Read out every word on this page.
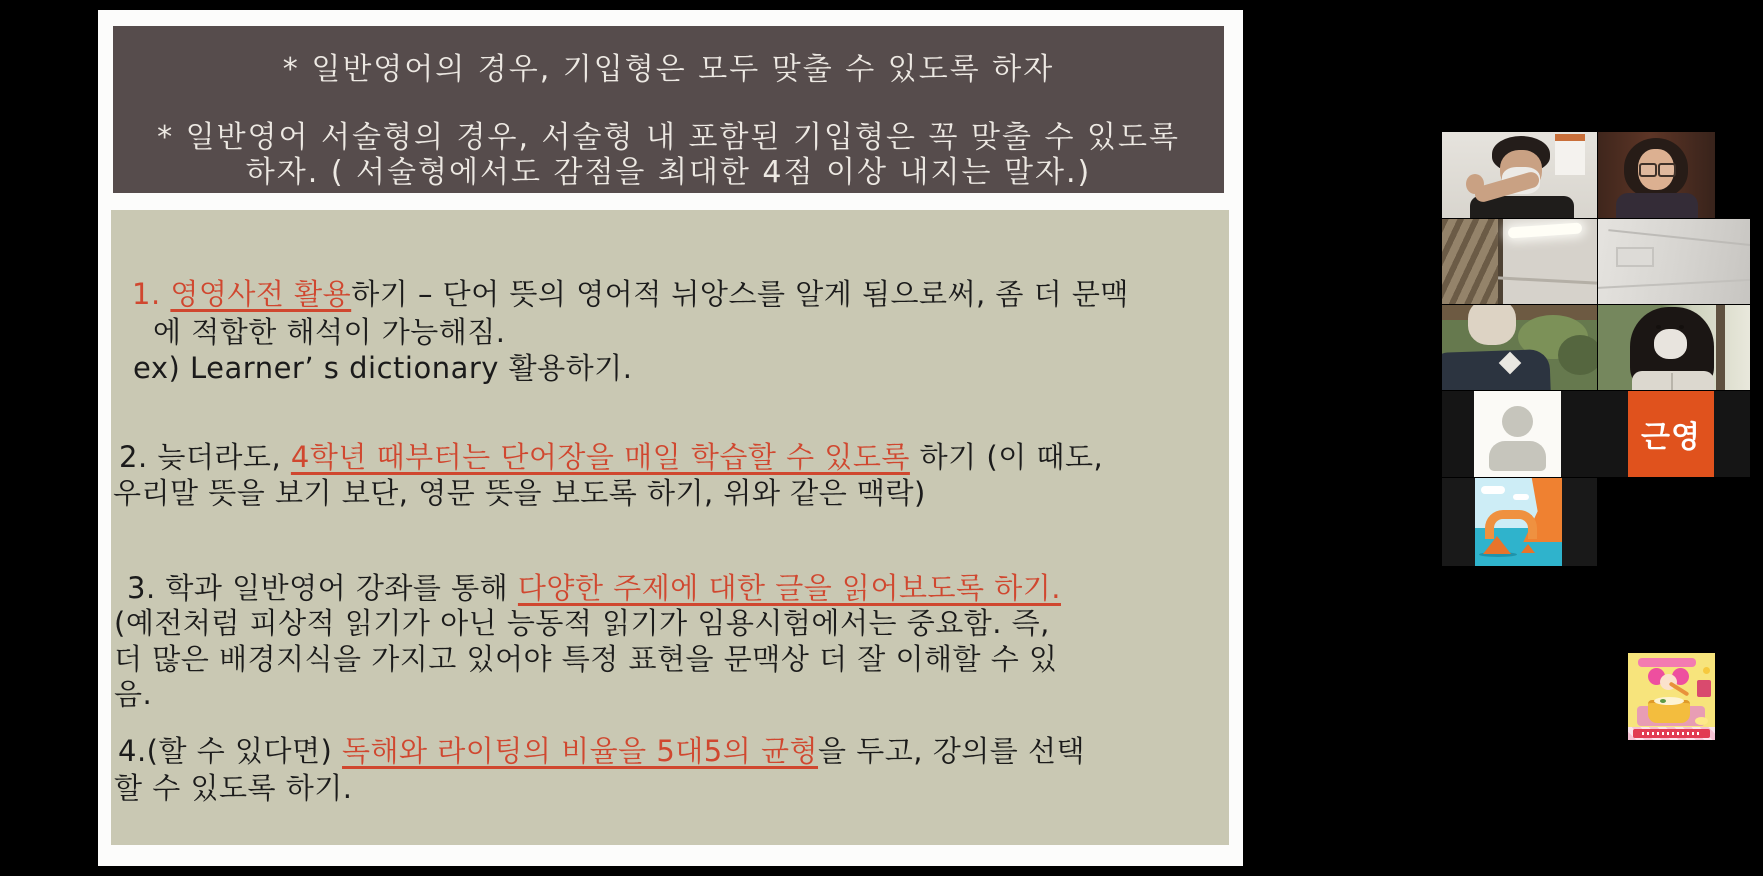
* 일반영어의 경우, 기입형은 모두 맞출 수 있도록 하자
* 일반영어 서술형의 경우, 서술형 내 포함된 기입형은 꼭 맞출 수 있도록
하자. ( 서술형에서도 감점을 최대한 4점 이상 내지는 말자.)
1. 영영사전 활용하기 – 단어 뜻의 영어적 뉘앙스를 알게 됨으로써, 좀 더 문맥
에 적합한 해석이 가능해짐.
ex) Learner’ s dictionary 활용하기.
2. 늦더라도, 4학년 때부터는 단어장을 매일 학습할 수 있도록 하기 (이 때도,
우리말 뜻을 보기 보단, 영문 뜻을 보도록 하기, 위와 같은 맥락)
3. 학과 일반영어 강좌를 통해 다양한 주제에 대한 글을 읽어보도록 하기.
(예전처럼 피상적 읽기가 아닌 능동적 읽기가 임용시험에서는 중요함. 즉,
더 많은 배경지식을 가지고 있어야 특정 표현을 문맥상 더 잘 이해할 수 있
음.
4.(할 수 있다면) 독해와 라이팅의 비율을 5대5의 균형을 두고, 강의를 선택
할 수 있도록 하기.
근영
